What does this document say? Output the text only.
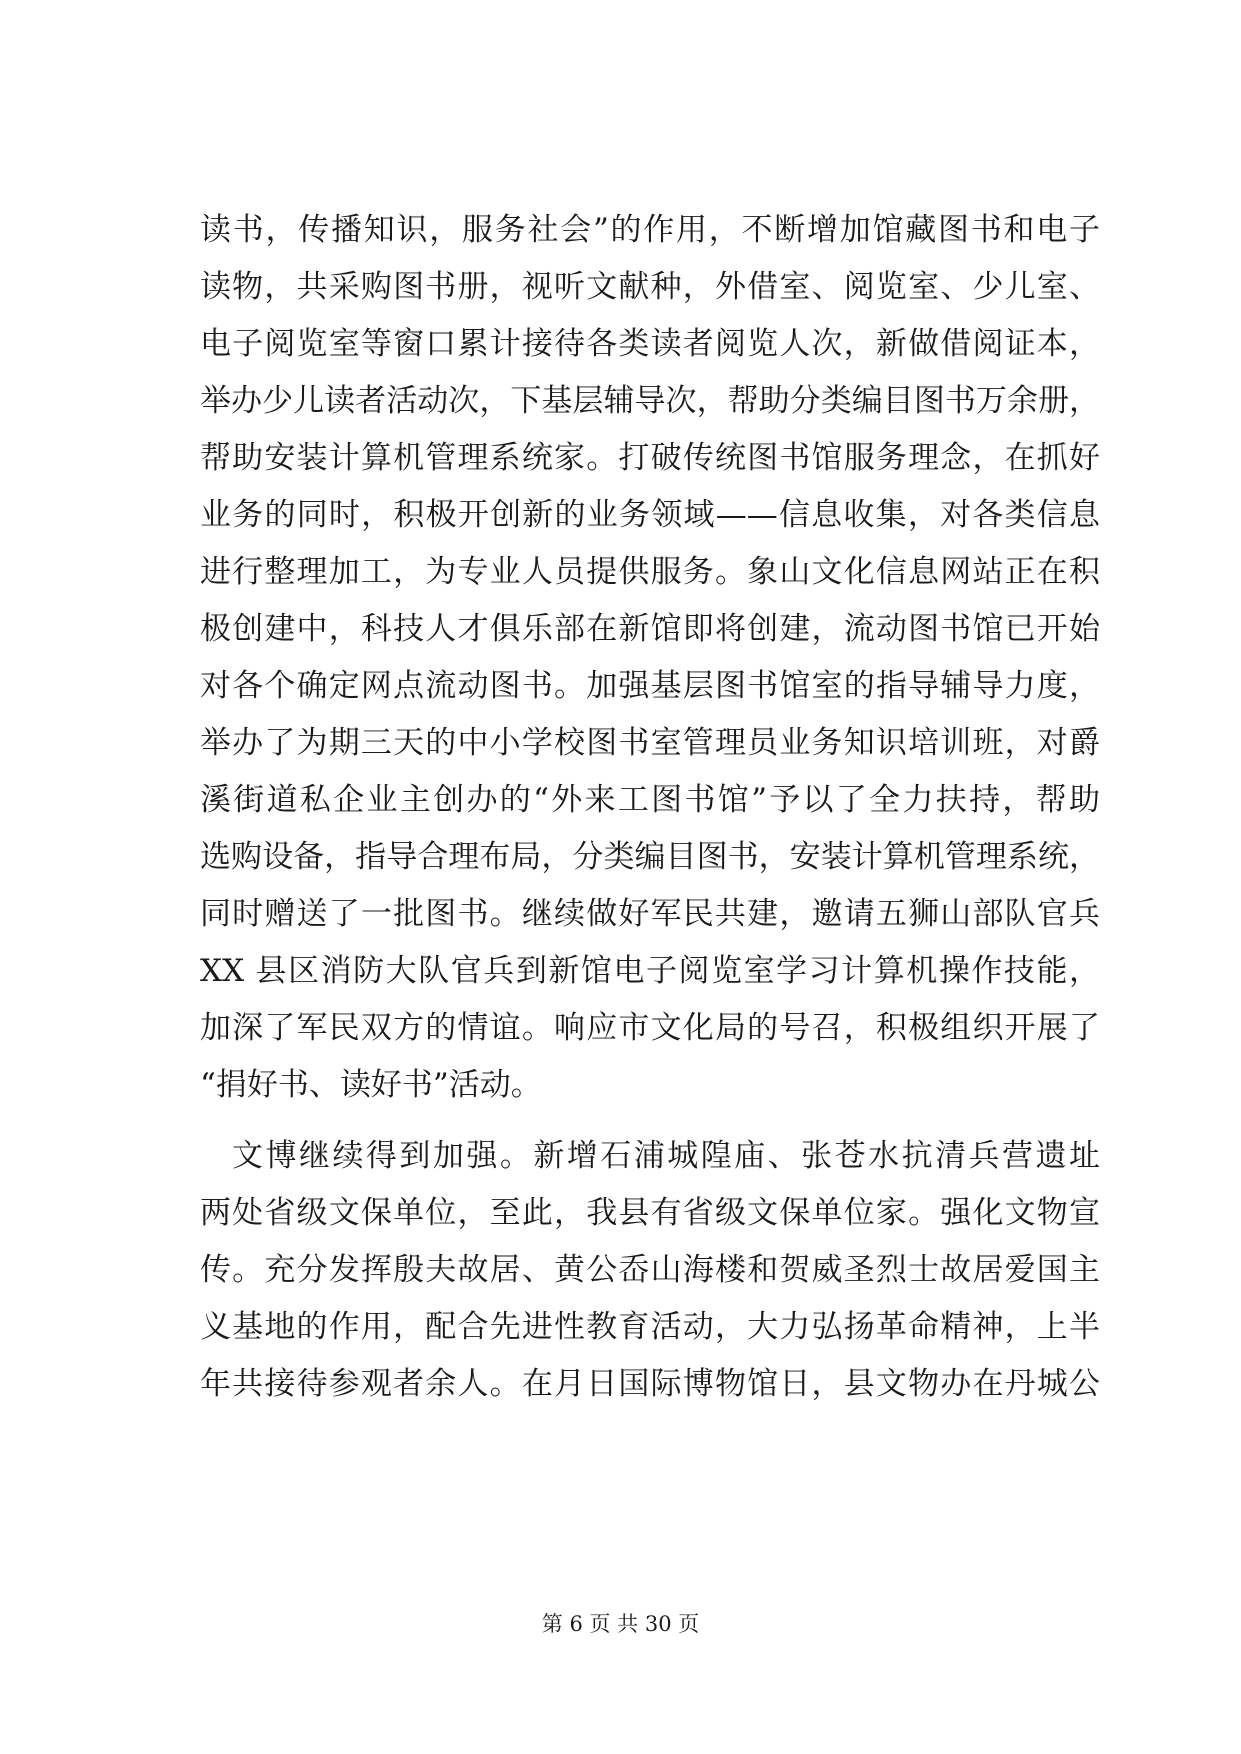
读书，传播知识，服务社会”的作用，不断增加馆藏图书和电子
读物，共采购图书册，视听文献种，外借室、阅览室、少儿室、
电子阅览室等窗口累计接待各类读者阅览人次，新做借阅证本，
举办少儿读者活动次，下基层辅导次，帮助分类编目图书万余册，
帮助安装计算机管理系统家。打破传统图书馆服务理念，在抓好
业务的同时，积极开创新的业务领域——信息收集，对各类信息
进行整理加工，为专业人员提供服务。象山文化信息网站正在积
极创建中，科技人才俱乐部在新馆即将创建，流动图书馆已开始
对各个确定网点流动图书。加强基层图书馆室的指导辅导力度，
举办了为期三天的中小学校图书室管理员业务知识培训班，对爵
溪街道私企业主创办的“外来工图书馆”予以了全力扶持，帮助
选购设备，指导合理布局，分类编目图书，安装计算机管理系统，
同时赠送了一批图书。继续做好军民共建，邀请五狮山部队官兵
XX 县区消防大队官兵到新馆电子阅览室学习计算机操作技能，
加深了军民双方的情谊。响应市文化局的号召，积极组织开展了
“捐好书、读好书”活动。
文博继续得到加强。新增石浦城隍庙、张苍水抗清兵营遗址
两处省级文保单位，至此，我县有省级文保单位家。强化文物宣
传。充分发挥殷夫故居、黄公岙山海楼和贺威圣烈士故居爱国主
义基地的作用，配合先进性教育活动，大力弘扬革命精神，上半
年共接待参观者余人。在月日国际博物馆日，县文物办在丹城公
第 6 页 共 30 页
